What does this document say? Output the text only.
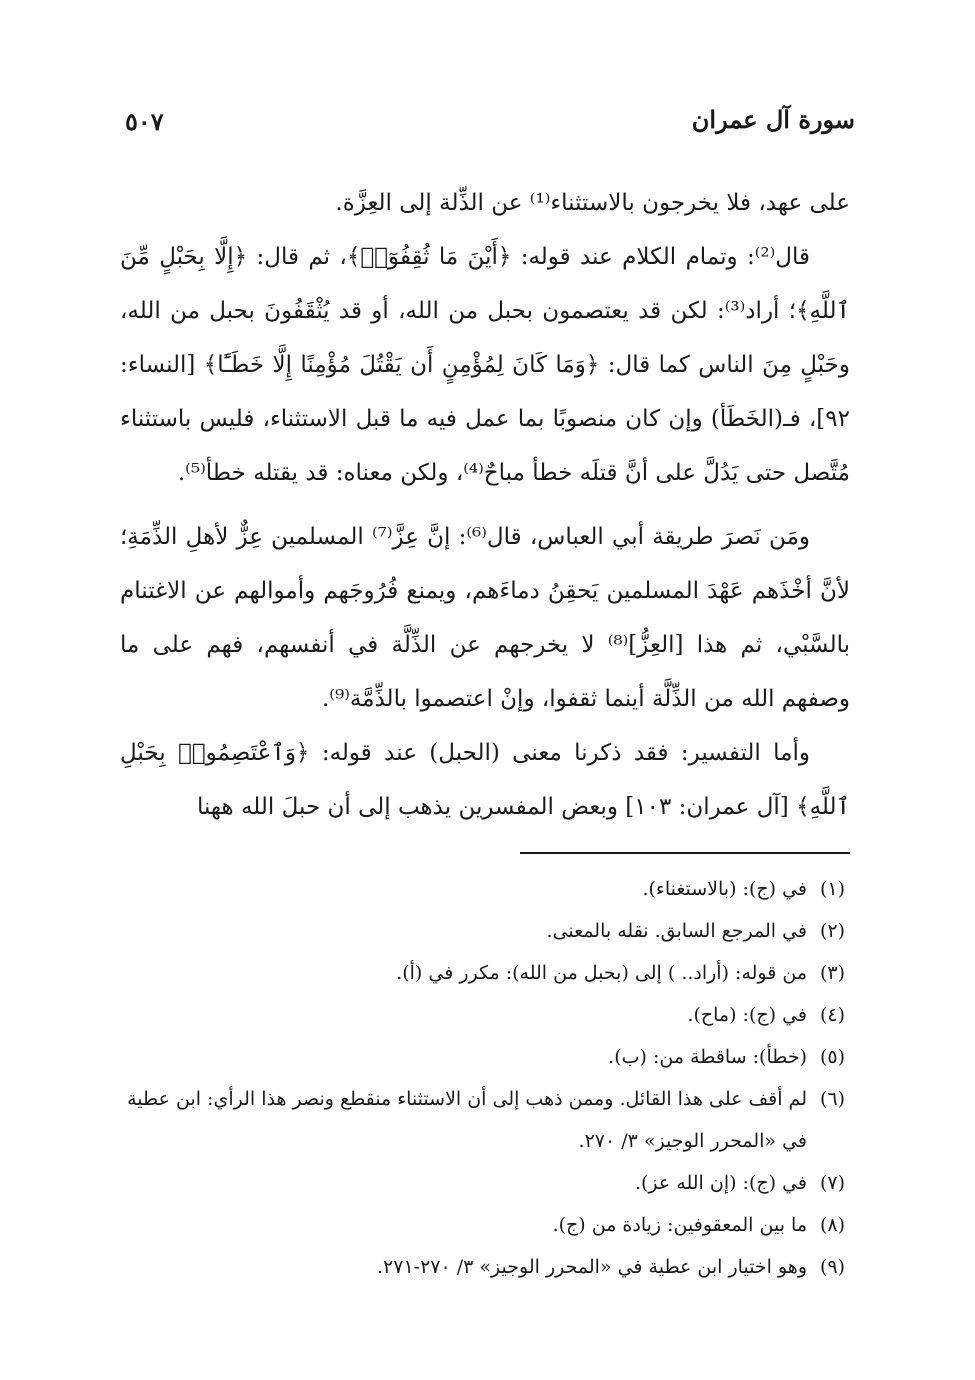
سورة آل عمران
٥٠٧

على عهد، فلا يخرجون بالاستثناء⁽¹⁾ عن الذِّلة إلى العِزَّة.

قال⁽²⁾: وتمام الكلام عند قوله: ﴿أَيْنَ مَا ثُقِفُوٓا۟﴾، ثم قال: ﴿إِلَّا بِحَبْلٍ مِّنَ ٱللَّهِ﴾؛ أراد⁽³⁾: لكن قد يعتصمون بحبل من الله، أو قد يُثْقَفُونَ بحبل من الله، وحَبْلٍ مِنَ الناس كما قال: ﴿وَمَا كَانَ لِمُؤْمِنٍ أَن يَقْتُلَ مُؤْمِنًا إِلَّا خَطَـًٔا﴾ [النساء: ٩٢]، فـ(الخَطَأ) وإن كان منصوبًا بما عمل فيه ما قبل الاستثناء، فليس باستثناء مُتَّصل حتى يَدُلَّ على أنَّ قتلَه خطأ مباحٌ⁽⁴⁾، ولكن معناه: قد يقتله خطأ⁽⁵⁾.

ومَن نَصرَ طريقة أبي العباس، قال⁽⁶⁾: إنَّ عِزَّ⁽⁷⁾ المسلمين عِزٌّ لأهلِ الذِّمَةِ؛ لأنَّ أخْذَهم عَهْدَ المسلمين يَحقِنُ دماءَهم، ويمنع فُرُوجَهم وأموالهم عن الاغتنام بالسَّبْي، ثم هذا [العِزُّ]⁽⁸⁾ لا يخرجهم عن الذِّلَّة في أنفسهم، فهم على ما وصفهم الله من الذِّلَّة أينما ثقفوا، وإنْ اعتصموا بالذِّمَّة⁽⁹⁾.

وأما التفسير: فقد ذكرنا معنى (الحبل) عند قوله: ﴿وَٱعْتَصِمُوا۟ بِحَبْلِ ٱللَّهِ﴾ [آل عمران: ١٠٣] وبعض المفسرين يذهب إلى أن حبلَ الله ههنا

(١)
في (ج): (بالاستغناء).
(٢)
في المرجع السابق. نقله بالمعنى.
(٣)
من قوله: (أراد.. ) إلى (بحبل من الله): مكرر في (أ).
(٤)
في (ج): (ماح).
(٥)
(خطأ): ساقطة من: (ب).
(٦)
لم أقف على هذا القائل. وممن ذهب إلى أن الاستثناء منقطع ونصر هذا الرأي: ابن عطية في «المحرر الوجيز» ٣/ ٢٧٠.
(٧)
في (ج): (إن الله عز).
(٨)
ما بين المعقوفين: زيادة من (ج).
(٩)
وهو اختيار ابن عطية في «المحرر الوجيز» ٣/ ٢٧٠-٢٧١.
